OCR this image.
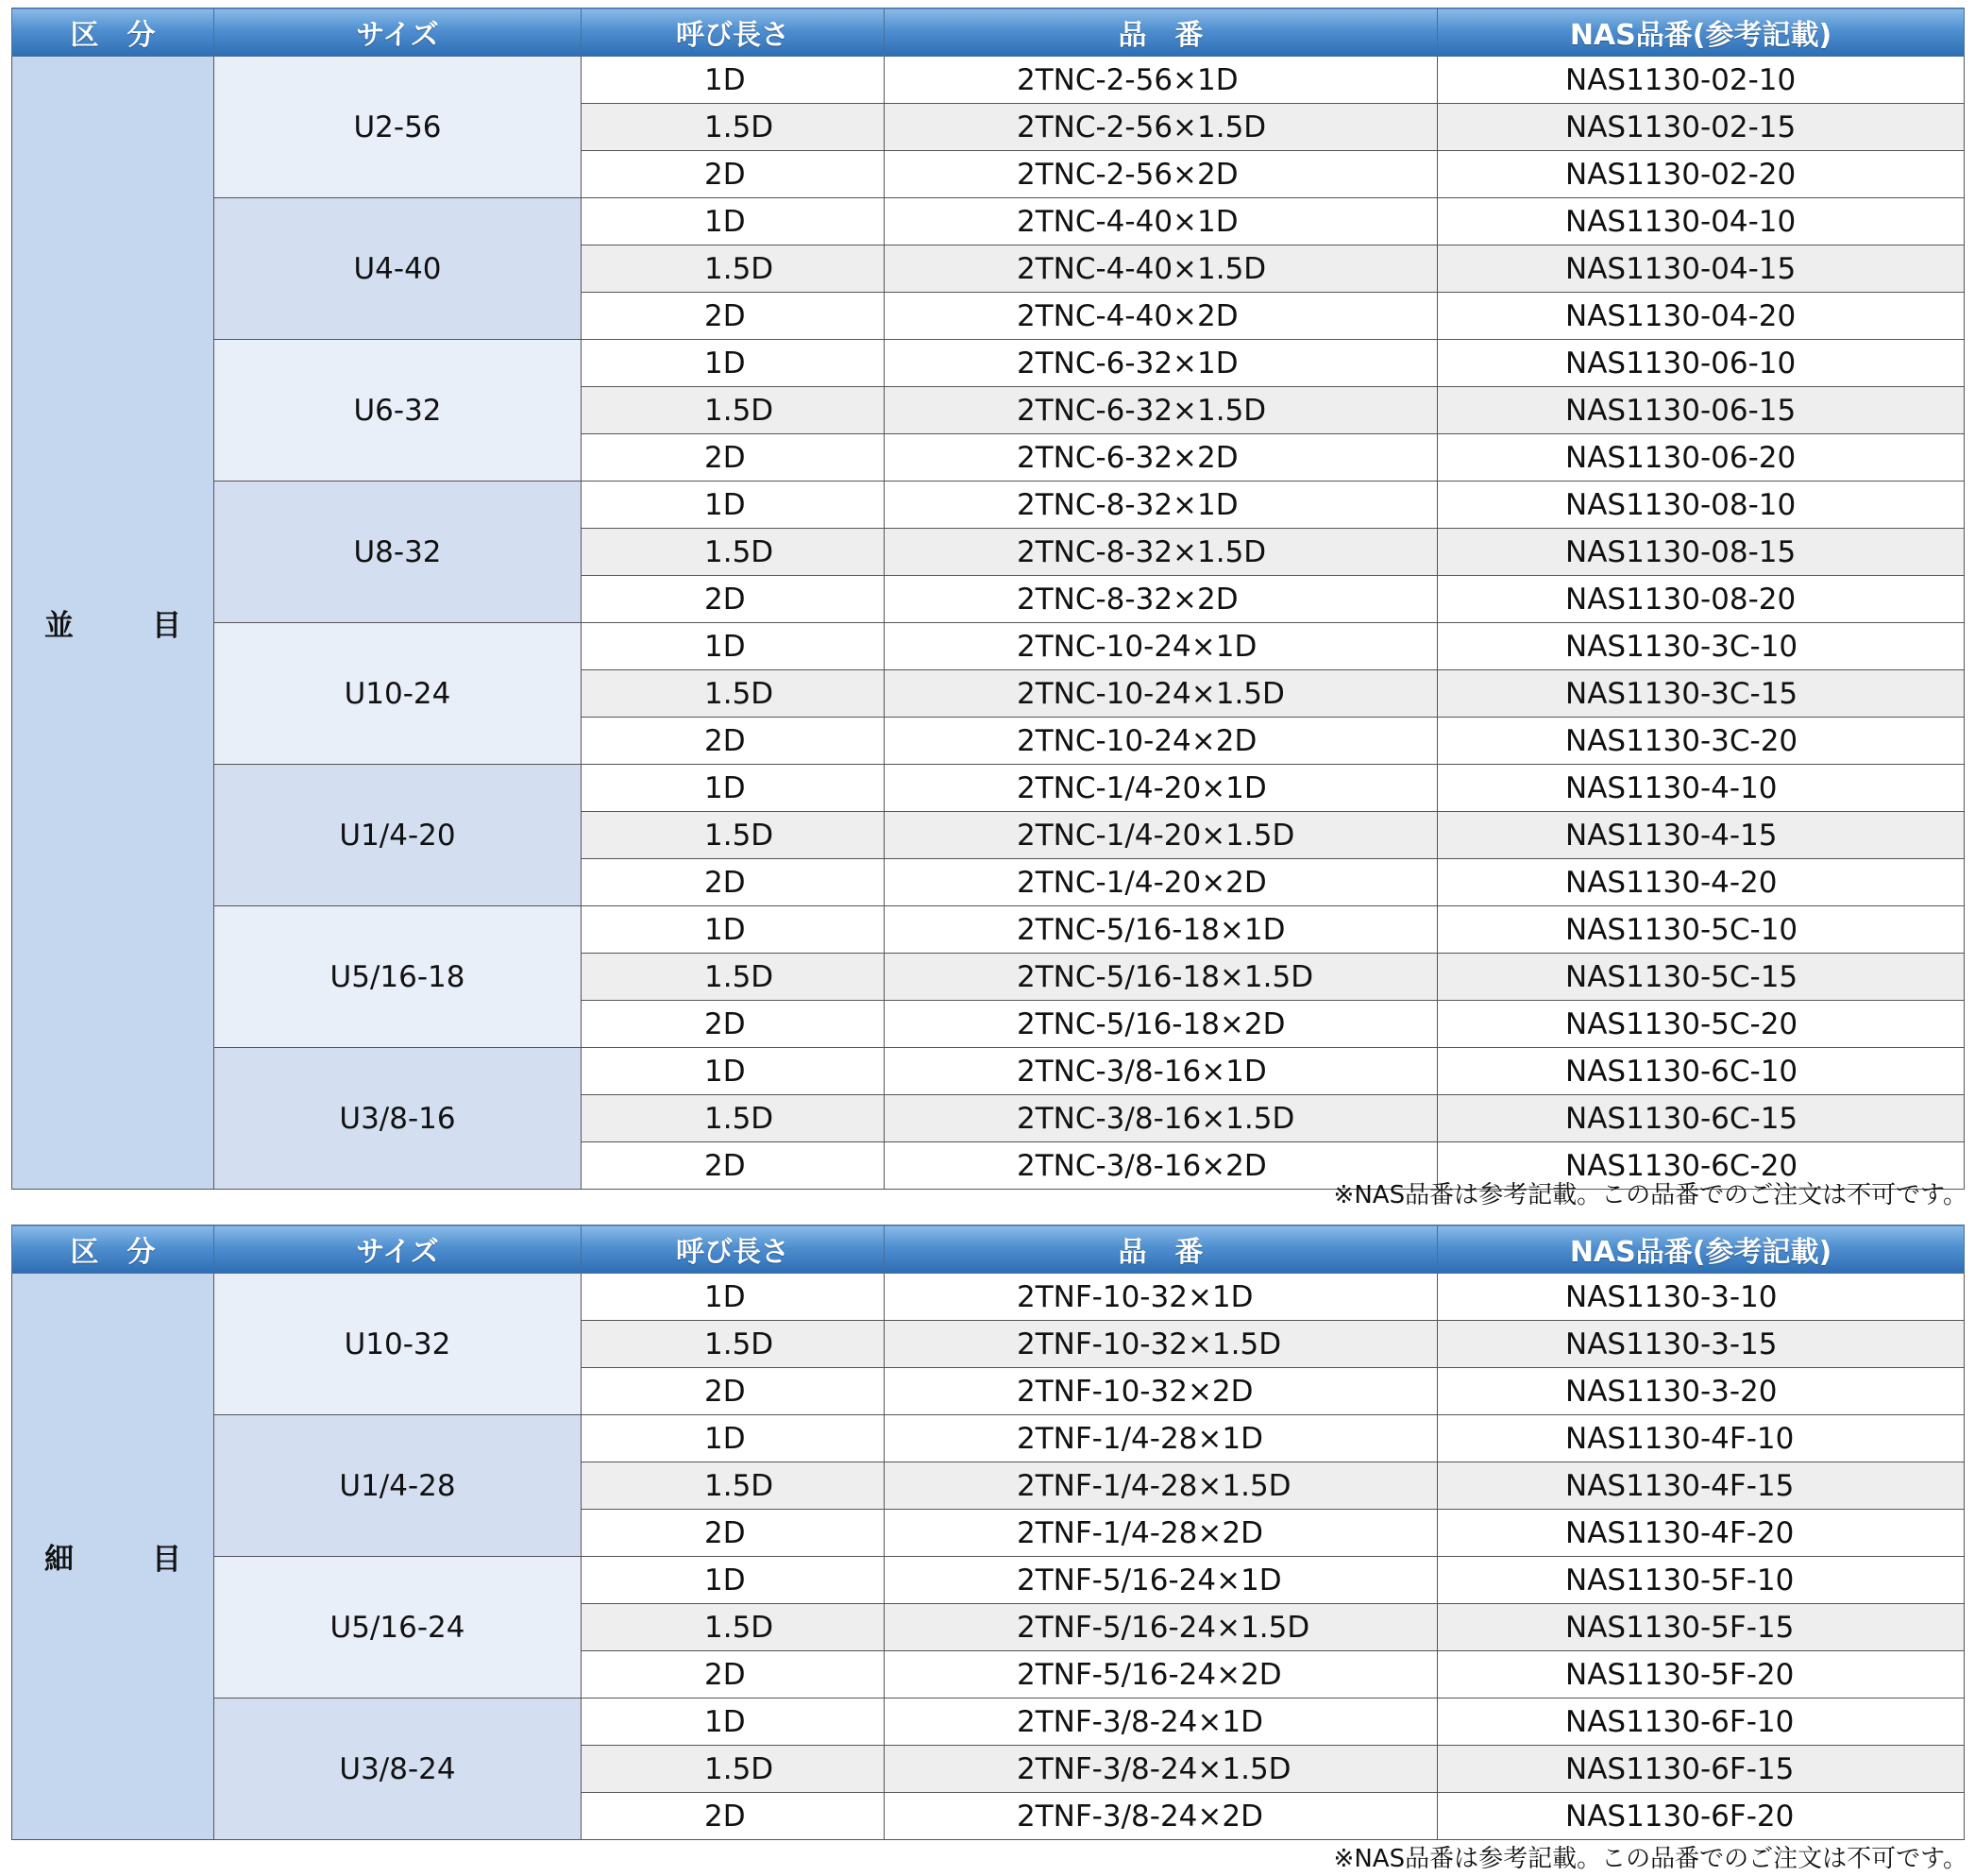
区　分	サイズ	呼び長さ	品　番	NAS品番(参考記載)
並　目	U2-56	1D	2TNC-2-56×1D	NAS1130-02-10
		1.5D	2TNC-2-56×1.5D	NAS1130-02-15
		2D	2TNC-2-56×2D	NAS1130-02-20
	U4-40	1D	2TNC-4-40×1D	NAS1130-04-10
		1.5D	2TNC-4-40×1.5D	NAS1130-04-15
		2D	2TNC-4-40×2D	NAS1130-04-20
	U6-32	1D	2TNC-6-32×1D	NAS1130-06-10
		1.5D	2TNC-6-32×1.5D	NAS1130-06-15
		2D	2TNC-6-32×2D	NAS1130-06-20
	U8-32	1D	2TNC-8-32×1D	NAS1130-08-10
		1.5D	2TNC-8-32×1.5D	NAS1130-08-15
		2D	2TNC-8-32×2D	NAS1130-08-20
	U10-24	1D	2TNC-10-24×1D	NAS1130-3C-10
		1.5D	2TNC-10-24×1.5D	NAS1130-3C-15
		2D	2TNC-10-24×2D	NAS1130-3C-20
	U1/4-20	1D	2TNC-1/4-20×1D	NAS1130-4-10
		1.5D	2TNC-1/4-20×1.5D	NAS1130-4-15
		2D	2TNC-1/4-20×2D	NAS1130-4-20
	U5/16-18	1D	2TNC-5/16-18×1D	NAS1130-5C-10
		1.5D	2TNC-5/16-18×1.5D	NAS1130-5C-15
		2D	2TNC-5/16-18×2D	NAS1130-5C-20
	U3/8-16	1D	2TNC-3/8-16×1D	NAS1130-6C-10
		1.5D	2TNC-3/8-16×1.5D	NAS1130-6C-15
		2D	2TNC-3/8-16×2D	NAS1130-6C-20
※NAS品番は参考記載。この品番でのご注文は不可です。
区　分	サイズ	呼び長さ	品　番	NAS品番(参考記載)
細　目	U10-32	1D	2TNF-10-32×1D	NAS1130-3-10
		1.5D	2TNF-10-32×1.5D	NAS1130-3-15
		2D	2TNF-10-32×2D	NAS1130-3-20
	U1/4-28	1D	2TNF-1/4-28×1D	NAS1130-4F-10
		1.5D	2TNF-1/4-28×1.5D	NAS1130-4F-15
		2D	2TNF-1/4-28×2D	NAS1130-4F-20
	U5/16-24	1D	2TNF-5/16-24×1D	NAS1130-5F-10
		1.5D	2TNF-5/16-24×1.5D	NAS1130-5F-15
		2D	2TNF-5/16-24×2D	NAS1130-5F-20
	U3/8-24	1D	2TNF-3/8-24×1D	NAS1130-6F-10
		1.5D	2TNF-3/8-24×1.5D	NAS1130-6F-15
		2D	2TNF-3/8-24×2D	NAS1130-6F-20
※NAS品番は参考記載。この品番でのご注文は不可です。
